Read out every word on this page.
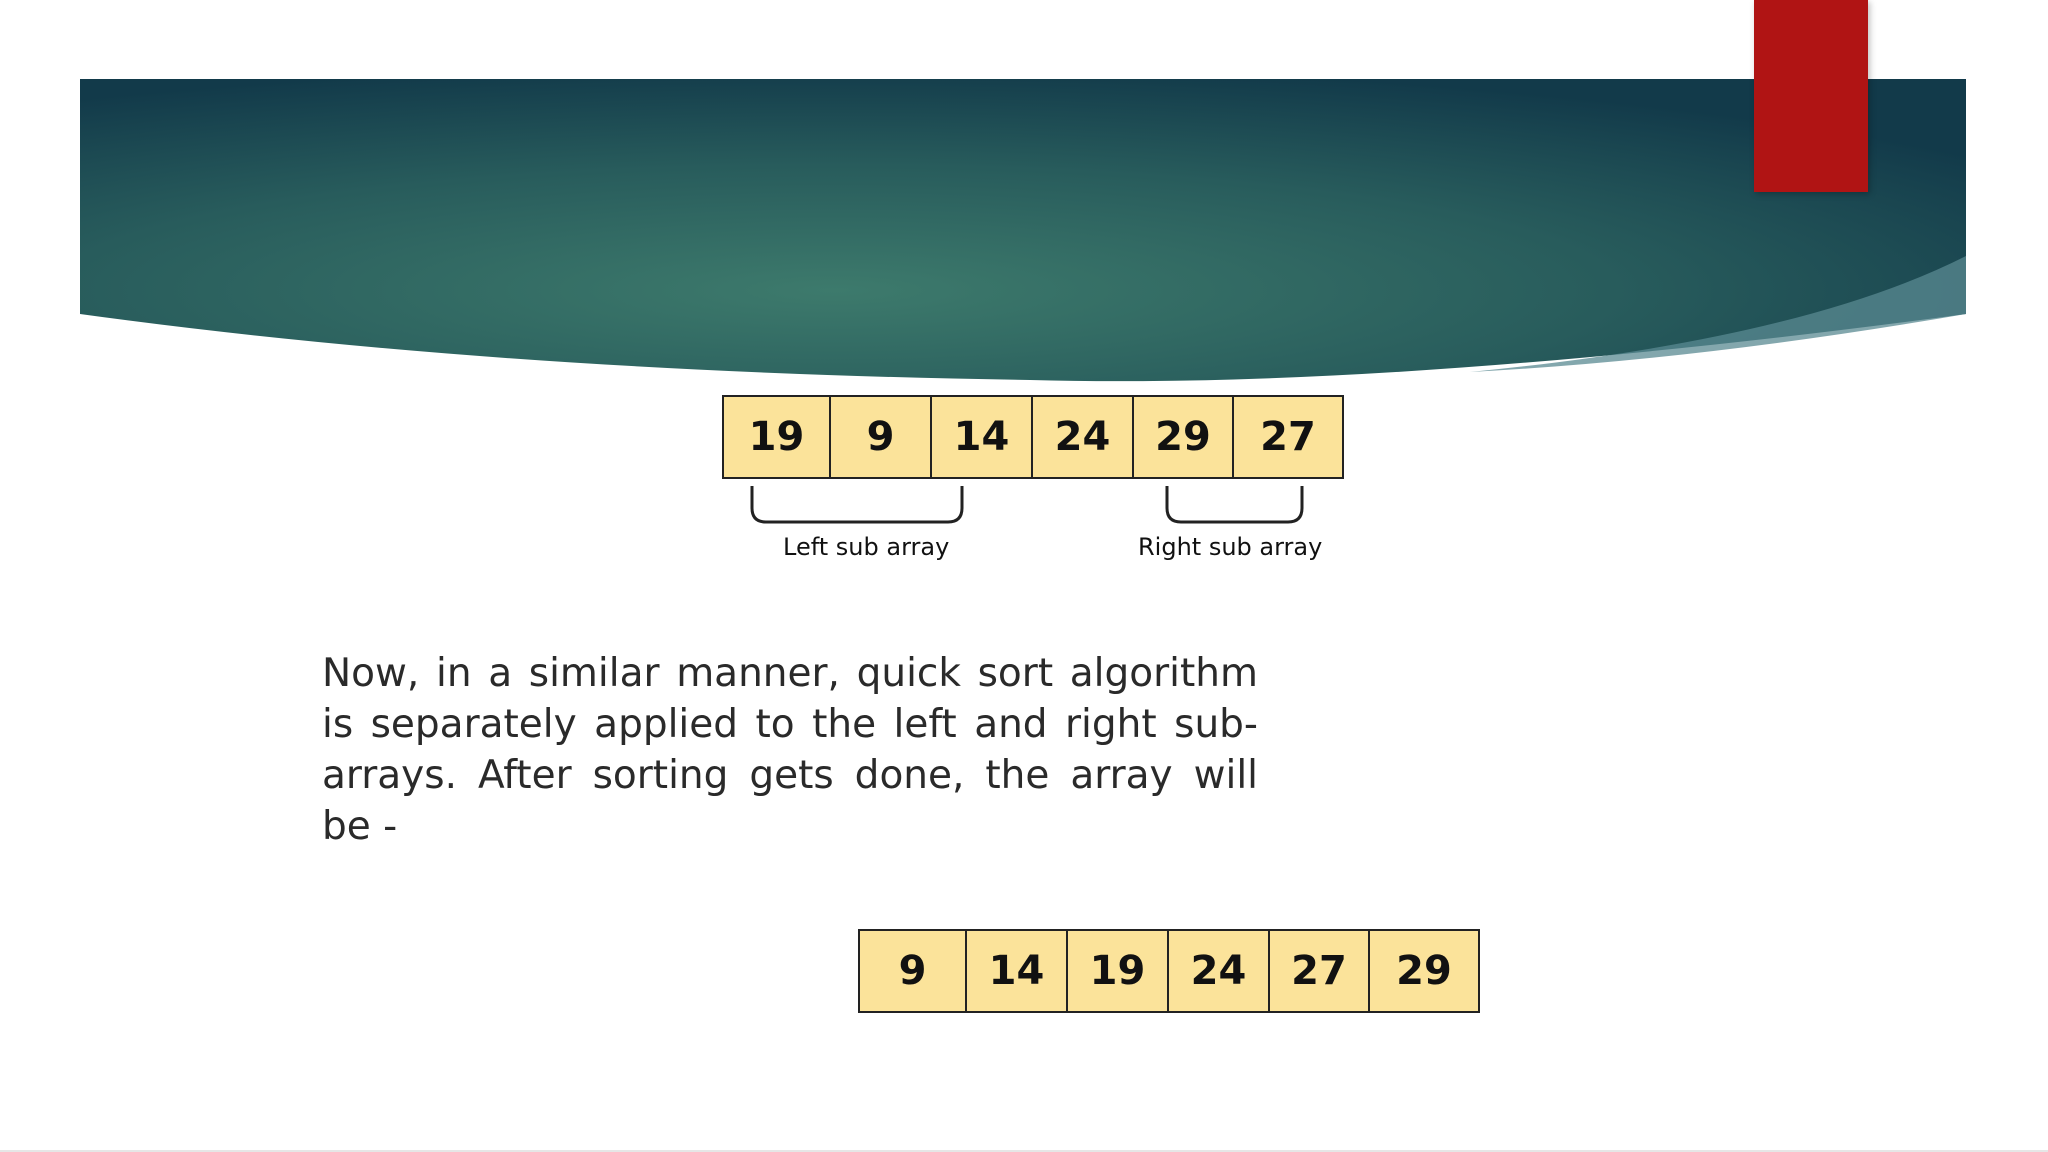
19	9	14	24	29	27
Left sub array	Right sub array
Now, in a similar manner, quick sort algorithm is separately applied to the left and right sub-arrays. After sorting gets done, the array will be -
9	14	19	24	27	29
